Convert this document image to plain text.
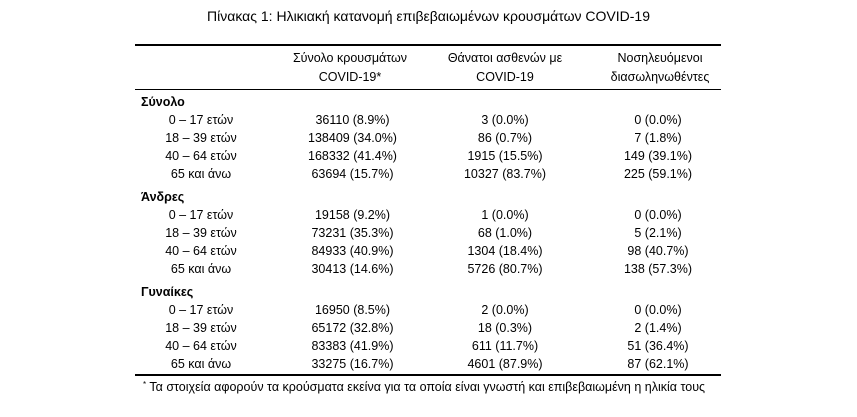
Πίνακας 1: Ηλικιακή κατανομή επιβεβαιωμένων κρουσμάτων COVID-19
Σύνολο κρουσμάτων
COVID-19*
Θάνατοι ασθενών με
COVID-19
Νοσηλευόμενοι
διασωληνωθέντες
Σύνολο
0 – 17 ετών	36110 (8.9%)	3 (0.0%)	0 (0.0%)
18 – 39 ετών	138409 (34.0%)	86 (0.7%)	7 (1.8%)
40 – 64 ετών	168332 (41.4%)	1915 (15.5%)	149 (39.1%)
65 και άνω	63694 (15.7%)	10327 (83.7%)	225 (59.1%)
Άνδρες
0 – 17 ετών	19158 (9.2%)	1 (0.0%)	0 (0.0%)
18 – 39 ετών	73231 (35.3%)	68 (1.0%)	5 (2.1%)
40 – 64 ετών	84933 (40.9%)	1304 (18.4%)	98 (40.7%)
65 και άνω	30413 (14.6%)	5726 (80.7%)	138 (57.3%)
Γυναίκες
0 – 17 ετών	16950 (8.5%)	2 (0.0%)	0 (0.0%)
18 – 39 ετών	65172 (32.8%)	18 (0.3%)	2 (1.4%)
40 – 64 ετών	83383 (41.9%)	611 (11.7%)	51 (36.4%)
65 και άνω	33275 (16.7%)	4601 (87.9%)	87 (62.1%)
* Τα στοιχεία αφορούν τα κρούσματα εκείνα για τα οποία είναι γνωστή και επιβεβαιωμένη η ηλικία τους
